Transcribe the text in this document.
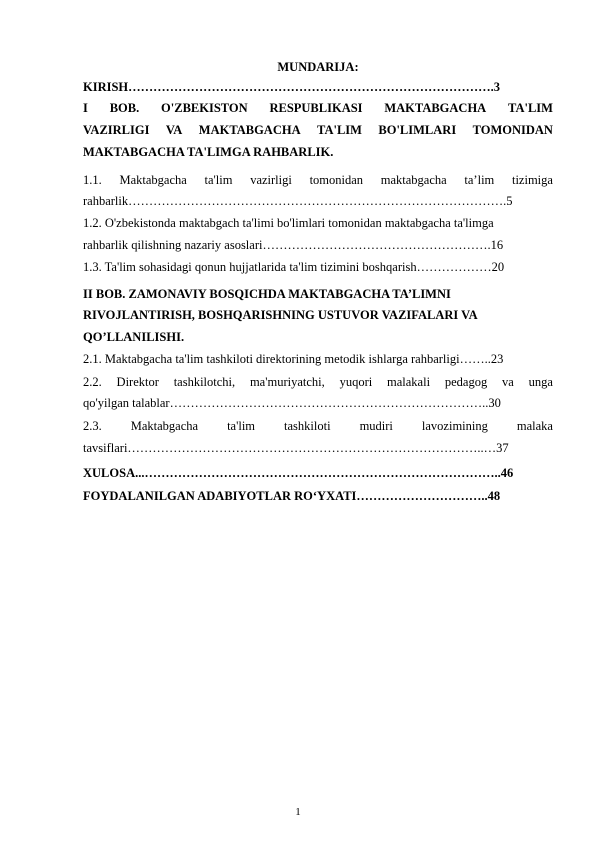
MUNDARIJA:
KIRISH…………………………………………………………………………….3
I BOB. O'ZBEKISTON RESPUBLIKASI MAKTABGACHA TA'LIM
VAZIRLIGI VA MAKTABGACHA TA'LIM BO'LIMLARI TOMONIDAN
MAKTABGACHA TA'LIMGA RAHBARLIK.
1.1. Maktabgacha ta'lim vazirligi tomonidan maktabgacha ta’lim tizimiga
rahbarlik……………………………………………………………………………….5
1.2. O'zbekistonda maktabgach ta'limi bo'limlari tomonidan maktabgacha ta'limga
rahbarlik qilishning nazariy asoslari……………………………………………….16
1.3. Ta'lim sohasidagi qonun hujjatlarida ta'lim tizimini boshqarish………………20
II BOB. ZAMONAVIY BOSQICHDA MAKTABGACHA TA’LIMNI
RIVOJLANTIRISH, BOSHQARISHNING USTUVOR VAZIFALARI VA
QO’LLANILISHI.
2.1. Maktabgacha ta'lim tashkiloti direktorining metodik ishlarga rahbarligi……..23
2.2. Direktor tashkilotchi, ma'muriyatchi, yuqori malakali pedagog va unga
qo'yilgan talablar…………………………………………………………………..30
2.3. Maktabgacha ta'lim tashkiloti mudiri lavozimining malaka
tavsiflari…………………………………………………………………………..…37
XULOSA...…………………………………………………………………………..46
FOYDALANILGAN ADABIYOTLAR RO‘YXATI…………………………..48
1
